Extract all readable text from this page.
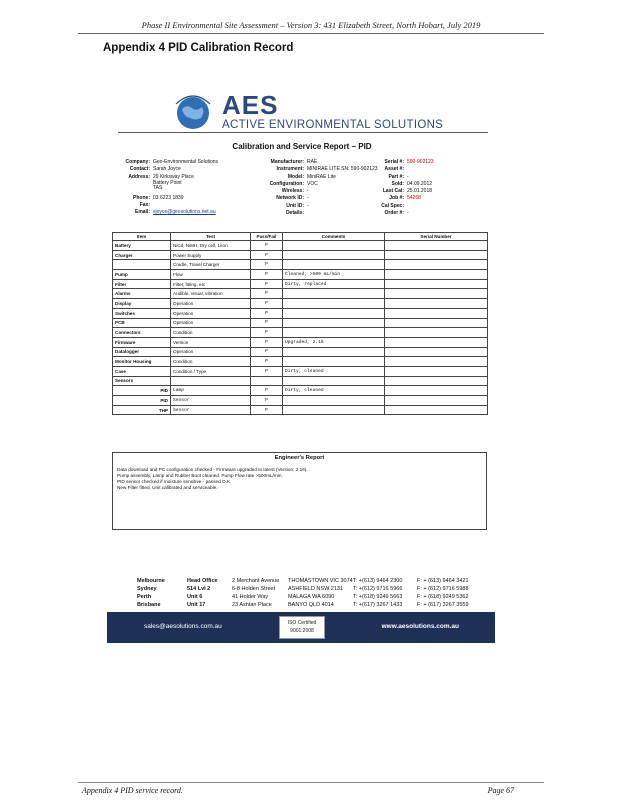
Phase II Environmental Site Assessment – Version 3: 431 Elizabeth Street, North Hobart, July 2019
Appendix 4 PID Calibration Record
AES
ACTIVE ENVIRONMENTAL SOLUTIONS
Calibration and Service Report – PID
Company: Geo-Environmental Solutions
Contact: Sarah Joyce
Address: 29 Kirksway Place
Battery Point
TAS
Phone: 03 6223 1839
Fax:
Email: sjoyce@geosolutions.net.au
Manufacturer: RAE
Instrument: MINIRAE LITE SN: 590-902123
Model: MiniRAE Lite
Configuration: VOC
Wireless: -
Network ID: -
Unit ID: -
Details:
Serial #: 590-902123
Asset #:
Part #: -
Sold: 04.09.2012
Last Cal: 25.01.2018
Job #: 54268
Cal Spec:
Order #: -
Item	Test	Pass/Fail	Comments	Serial Number
Battery	NiCd, NiMH, Dry cell, LiIon	P		
Charger	Power Supply	P		
	Cradle, Travel Charger	P		
Pump	Flow	P	Cleaned, >500 mL/min	
Filter	Filter, fitting, etc	P	Dirty, replaced	
Alarms	Audible, visual, vibration	P		
Display	Operation	P		
Switches	Operation	P		
PCB	Operation	P		
Connectors	Condition	P		
Firmware	Version	P	Upgraded, 2.16	
Datalogger	Operation	P		
Monitor Housing	Condition	P		
Case	Condition / Type	P	Dirty, cleaned	
Sensors				
PID	Lamp	P	Dirty, cleaned	
PID	Sensor	P		
THP	Sensor	P		
Engineer's Report
Data download and PC configuration checked - Firmware upgraded to latest (Version: 2.16).
Pump assembly, Lamp and Rubber Boot cleaned. Pump Flow rate >500mL/min.
PID sensor checked if moisture sensitive - passed O.K.
New Filter fitted. Unit calibrated and serviceable.
Melbourne	Head Office	2 Merchant Avenue	THOMASTOWN VIC 3074 T: +(613) 9464 2300	F: + (613) 9464 3421
Sydney	514 Lvl 2	6-8 Holden Street	ASHFIELD NSW 2131	T: +(612) 9716 5966	F: + (612) 9716 5988
Perth	Unit 6	41 Holder Way	MALAGA WA 6090	T: +(618) 9249 5663	F: + (618) 9249 5362
Brisbane	Unit 17	23 Ashtan Place	BANYO QLD 4014	T: +(617) 3267 1433	F: + (617) 3267 3559
sales@aesolutions.com.au	ISO Certified
9001:2008
www.aesolutions.com.au
Appendix 4 PID service record.	Page 67
